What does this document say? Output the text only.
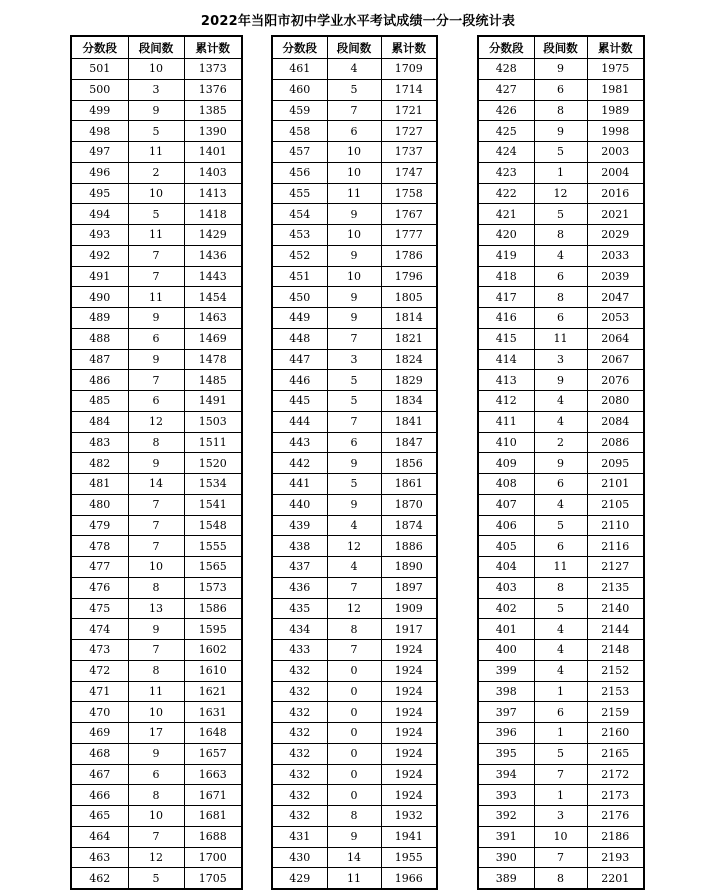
2022年当阳市初中学业水平考试成绩一分一段统计表
分数段	段间数	累计数
501	10	1373
500	3	1376
499	9	1385
498	5	1390
497	11	1401
496	2	1403
495	10	1413
494	5	1418
493	11	1429
492	7	1436
491	7	1443
490	11	1454
489	9	1463
488	6	1469
487	9	1478
486	7	1485
485	6	1491
484	12	1503
483	8	1511
482	9	1520
481	14	1534
480	7	1541
479	7	1548
478	7	1555
477	10	1565
476	8	1573
475	13	1586
474	9	1595
473	7	1602
472	8	1610
471	11	1621
470	10	1631
469	17	1648
468	9	1657
467	6	1663
466	8	1671
465	10	1681
464	7	1688
463	12	1700
462	5	1705
分数段	段间数	累计数
461	4	1709
460	5	1714
459	7	1721
458	6	1727
457	10	1737
456	10	1747
455	11	1758
454	9	1767
453	10	1777
452	9	1786
451	10	1796
450	9	1805
449	9	1814
448	7	1821
447	3	1824
446	5	1829
445	5	1834
444	7	1841
443	6	1847
442	9	1856
441	5	1861
440	9	1870
439	4	1874
438	12	1886
437	4	1890
436	7	1897
435	12	1909
434	8	1917
433	7	1924
432	0	1924
432	0	1924
432	0	1924
432	0	1924
432	0	1924
432	0	1924
432	0	1924
432	8	1932
431	9	1941
430	14	1955
429	11	1966
分数段	段间数	累计数
428	9	1975
427	6	1981
426	8	1989
425	9	1998
424	5	2003
423	1	2004
422	12	2016
421	5	2021
420	8	2029
419	4	2033
418	6	2039
417	8	2047
416	6	2053
415	11	2064
414	3	2067
413	9	2076
412	4	2080
411	4	2084
410	2	2086
409	9	2095
408	6	2101
407	4	2105
406	5	2110
405	6	2116
404	11	2127
403	8	2135
402	5	2140
401	4	2144
400	4	2148
399	4	2152
398	1	2153
397	6	2159
396	1	2160
395	5	2165
394	7	2172
393	1	2173
392	3	2176
391	10	2186
390	7	2193
389	8	2201
